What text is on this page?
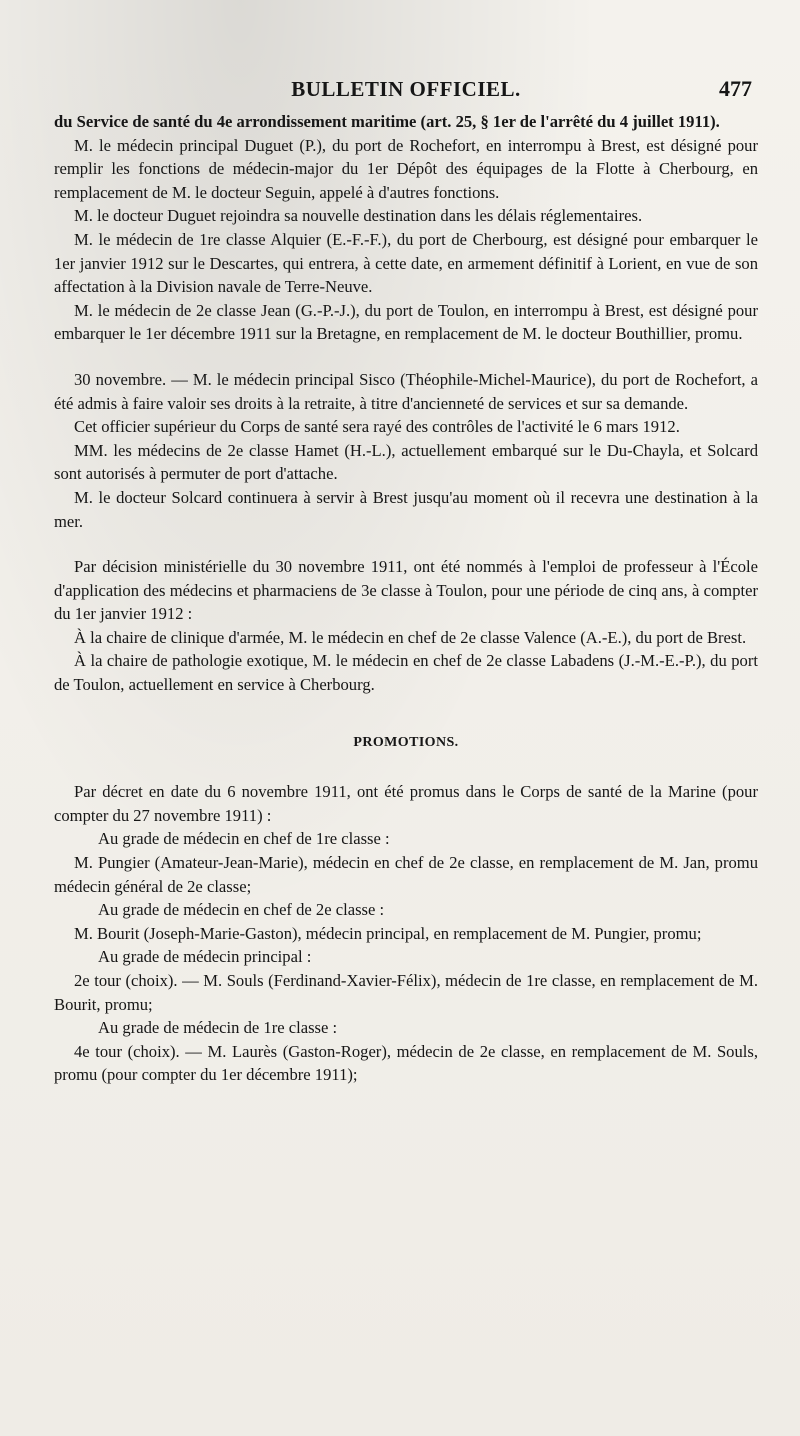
BULLETIN OFFICIEL.	477

du Service de santé du 4e arrondissement maritime (art. 25, § 1er de l'arrêté du 4 juillet 1911).

M. le médecin principal Duguet (P.), du port de Rochefort, en interrompu à Brest, est désigné pour remplir les fonctions de médecin-major du 1er Dépôt des équipages de la Flotte à Cherbourg, en remplacement de M. le docteur Seguin, appelé à d'autres fonctions.

M. le docteur Duguet rejoindra sa nouvelle destination dans les délais réglementaires.

M. le médecin de 1re classe Alquier (E.-F.-F.), du port de Cherbourg, est désigné pour embarquer le 1er janvier 1912 sur le Descartes, qui entrera, à cette date, en armement définitif à Lorient, en vue de son affectation à la Division navale de Terre-Neuve.

M. le médecin de 2e classe Jean (G.-P.-J.), du port de Toulon, en interrompu à Brest, est désigné pour embarquer le 1er décembre 1911 sur la Bretagne, en remplacement de M. le docteur Bouthillier, promu.

30 novembre. — M. le médecin principal Sisco (Théophile-Michel-Maurice), du port de Rochefort, a été admis à faire valoir ses droits à la retraite, à titre d'ancienneté de services et sur sa demande.

Cet officier supérieur du Corps de santé sera rayé des contrôles de l'activité le 6 mars 1912.

MM. les médecins de 2e classe Hamet (H.-L.), actuellement embarqué sur le Du-Chayla, et Solcard sont autorisés à permuter de port d'attache.

M. le docteur Solcard continuera à servir à Brest jusqu'au moment où il recevra une destination à la mer.

Par décision ministérielle du 30 novembre 1911, ont été nommés à l'emploi de professeur à l'École d'application des médecins et pharmaciens de 3e classe à Toulon, pour une période de cinq ans, à compter du 1er janvier 1912 :

À la chaire de clinique d'armée, M. le médecin en chef de 2e classe Valence (A.-E.), du port de Brest.

À la chaire de pathologie exotique, M. le médecin en chef de 2e classe Labadens (J.-M.-E.-P.), du port de Toulon, actuellement en service à Cherbourg.

PROMOTIONS.

Par décret en date du 6 novembre 1911, ont été promus dans le Corps de santé de la Marine (pour compter du 27 novembre 1911) :

Au grade de médecin en chef de 1re classe :

M. Pungier (Amateur-Jean-Marie), médecin en chef de 2e classe, en remplacement de M. Jan, promu médecin général de 2e classe;

Au grade de médecin en chef de 2e classe :

M. Bourit (Joseph-Marie-Gaston), médecin principal, en remplacement de M. Pungier, promu;

Au grade de médecin principal :

2e tour (choix). — M. Souls (Ferdinand-Xavier-Félix), médecin de 1re classe, en remplacement de M. Bourit, promu;

Au grade de médecin de 1re classe :

4e tour (choix). — M. Laurès (Gaston-Roger), médecin de 2e classe, en remplacement de M. Souls, promu (pour compter du 1er décembre 1911);
